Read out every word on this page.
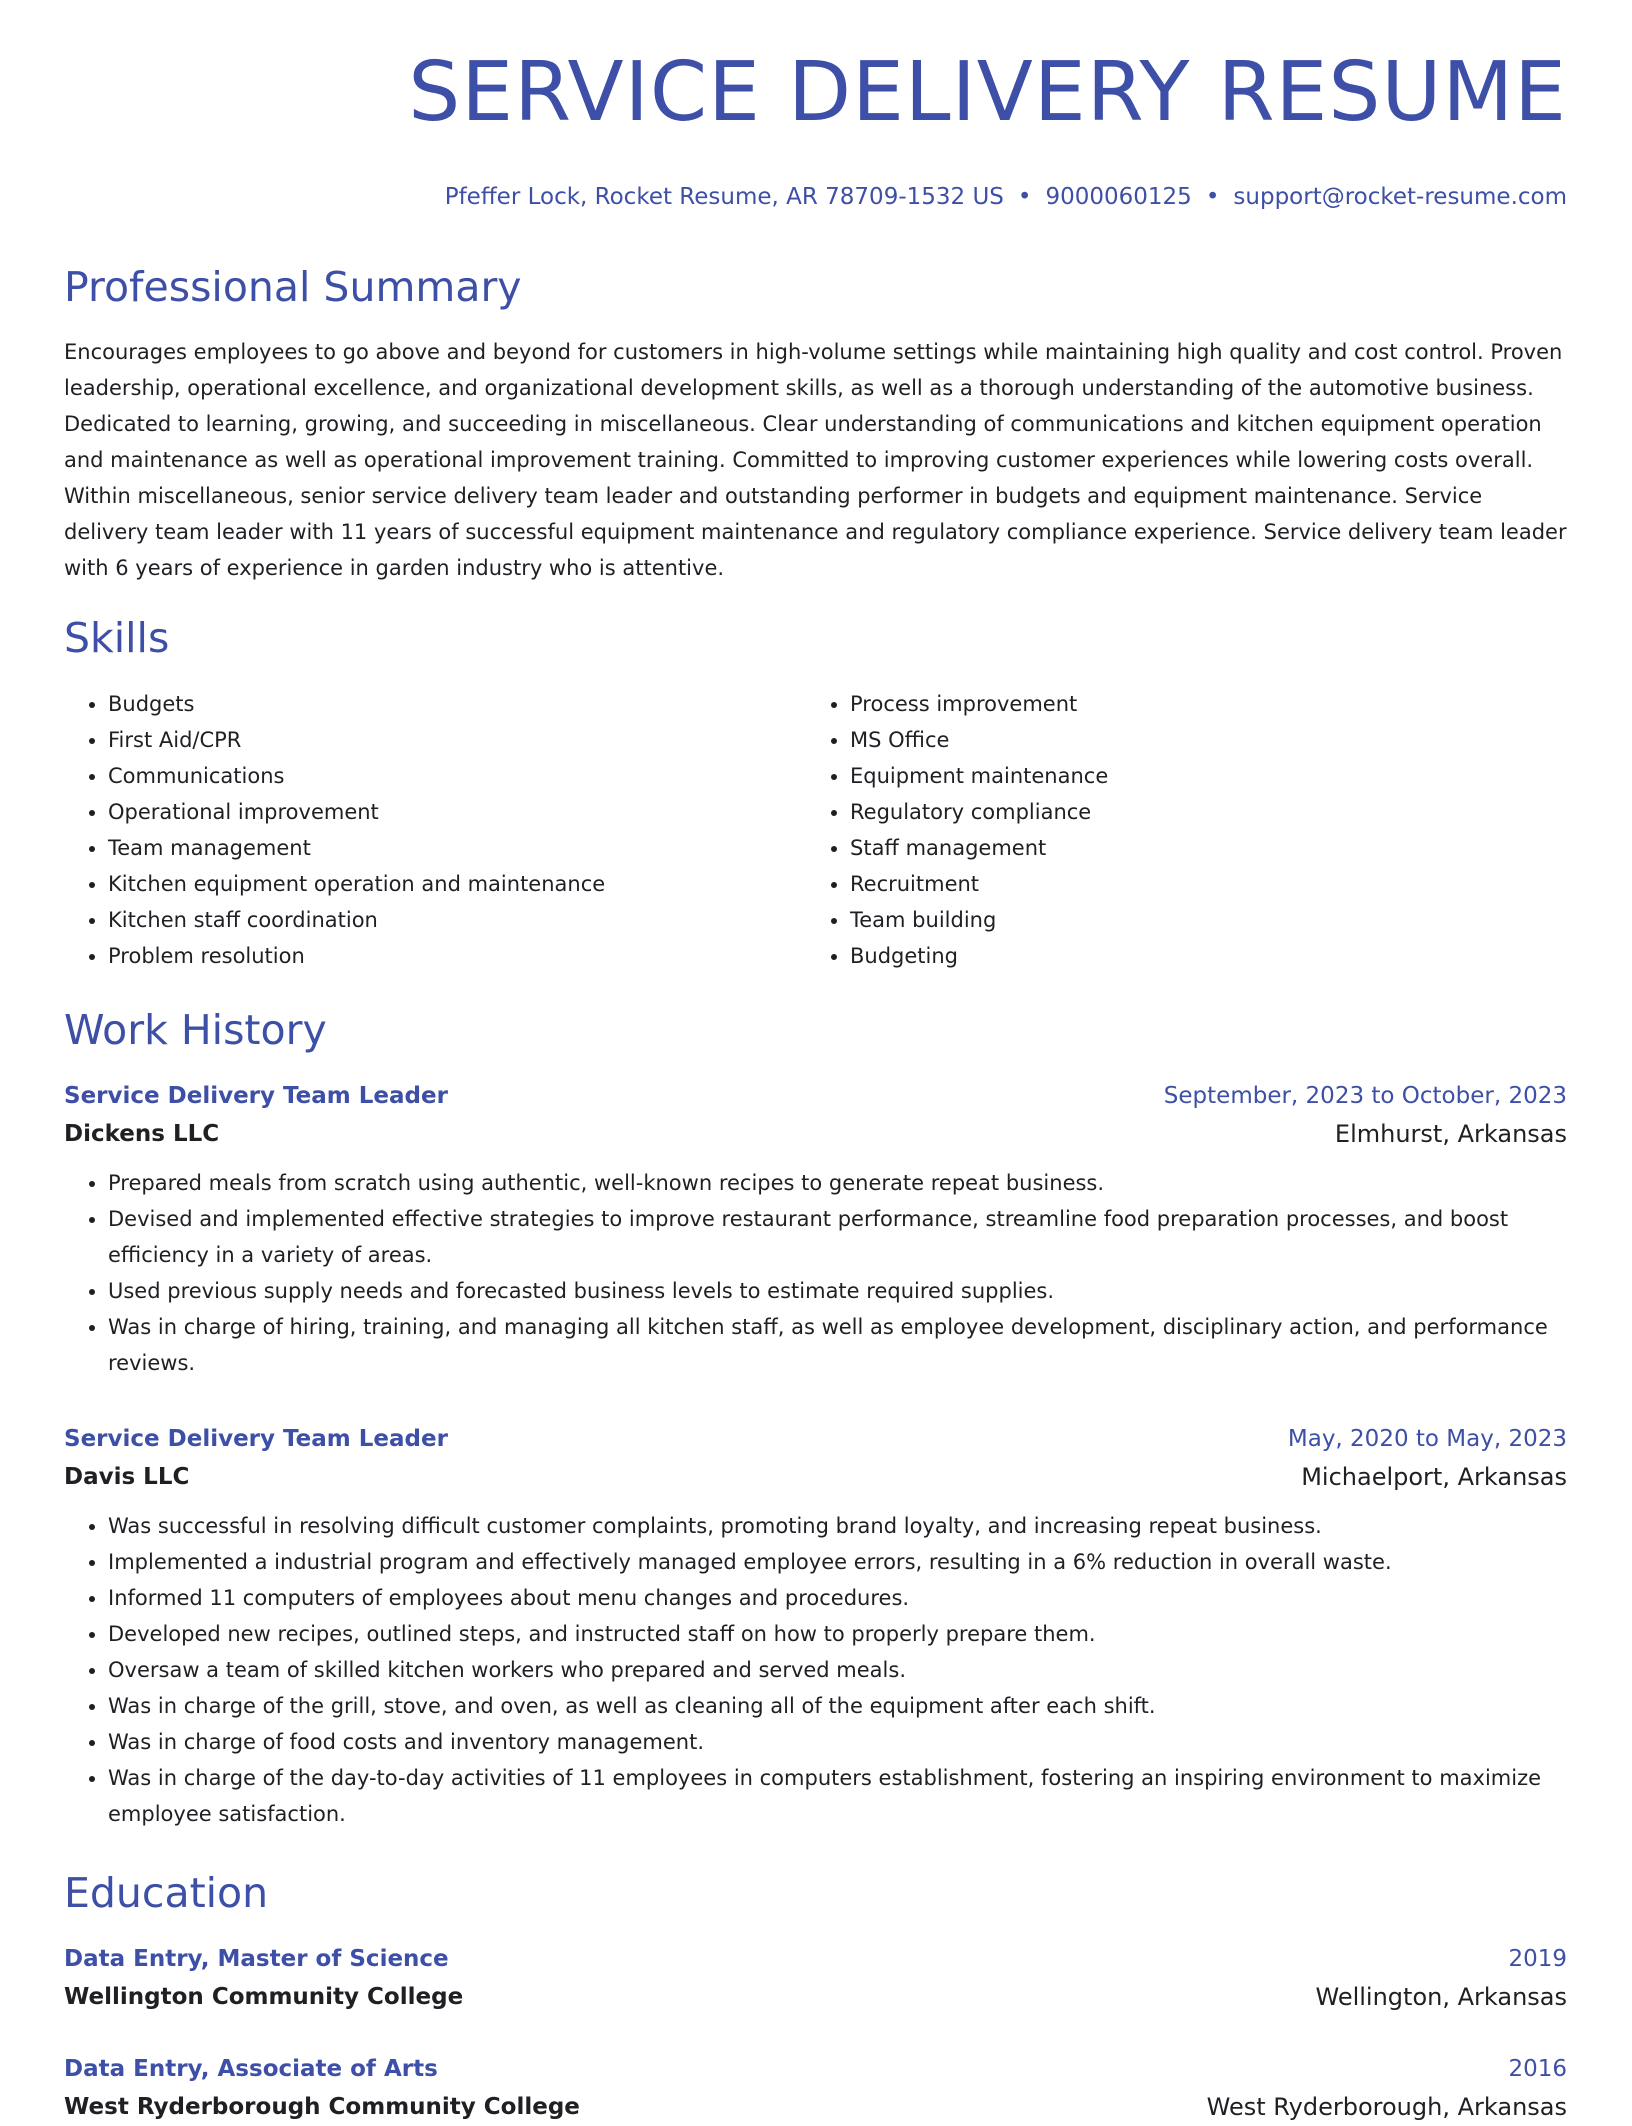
SERVICE DELIVERY RESUME
Pfeffer Lock, Rocket Resume, AR 78709-1532 US • 9000060125 • support@rocket-resume.com
Professional Summary

Encourages employees to go above and beyond for customers in high-volume settings while maintaining high quality and cost control. Proven leadership, operational excellence, and organizational development skills, as well as a thorough understanding of the automotive business. Dedicated to learning, growing, and succeeding in miscellaneous. Clear understanding of communications and kitchen equipment operation and maintenance as well as operational improvement training. Committed to improving customer experiences while lowering costs overall. Within miscellaneous, senior service delivery team leader and outstanding performer in budgets and equipment maintenance. Service delivery team leader with 11 years of successful equipment maintenance and regulatory compliance experience. Service delivery team leader with 6 years of experience in garden industry who is attentive.

Skills
• Budgets
• First Aid/CPR
• Communications
• Operational improvement
• Team management
• Kitchen equipment operation and maintenance
• Kitchen staff coordination
• Problem resolution
• Process improvement
• MS Office
• Equipment maintenance
• Regulatory compliance
• Staff management
• Recruitment
• Team building
• Budgeting
Work History
Service Delivery Team Leader	September, 2023 to October, 2023
Dickens LLC	Elmhurst, Arkansas
• Prepared meals from scratch using authentic, well-known recipes to generate repeat business.
• Devised and implemented effective strategies to improve restaurant performance, streamline food preparation processes, and boost efficiency in a variety of areas.
• Used previous supply needs and forecasted business levels to estimate required supplies.
• Was in charge of hiring, training, and managing all kitchen staff, as well as employee development, disciplinary action, and performance reviews.
Service Delivery Team Leader	May, 2020 to May, 2023
Davis LLC	Michaelport, Arkansas
• Was successful in resolving difficult customer complaints, promoting brand loyalty, and increasing repeat business.
• Implemented a industrial program and effectively managed employee errors, resulting in a 6% reduction in overall waste.
• Informed 11 computers of employees about menu changes and procedures.
• Developed new recipes, outlined steps, and instructed staff on how to properly prepare them.
• Oversaw a team of skilled kitchen workers who prepared and served meals.
• Was in charge of the grill, stove, and oven, as well as cleaning all of the equipment after each shift.
• Was in charge of food costs and inventory management.
• Was in charge of the day-to-day activities of 11 employees in computers establishment, fostering an inspiring environment to maximize employee satisfaction.
Education
Data Entry, Master of Science	2019
Wellington Community College	Wellington, Arkansas
Data Entry, Associate of Arts	2016
West Ryderborough Community College	West Ryderborough, Arkansas
